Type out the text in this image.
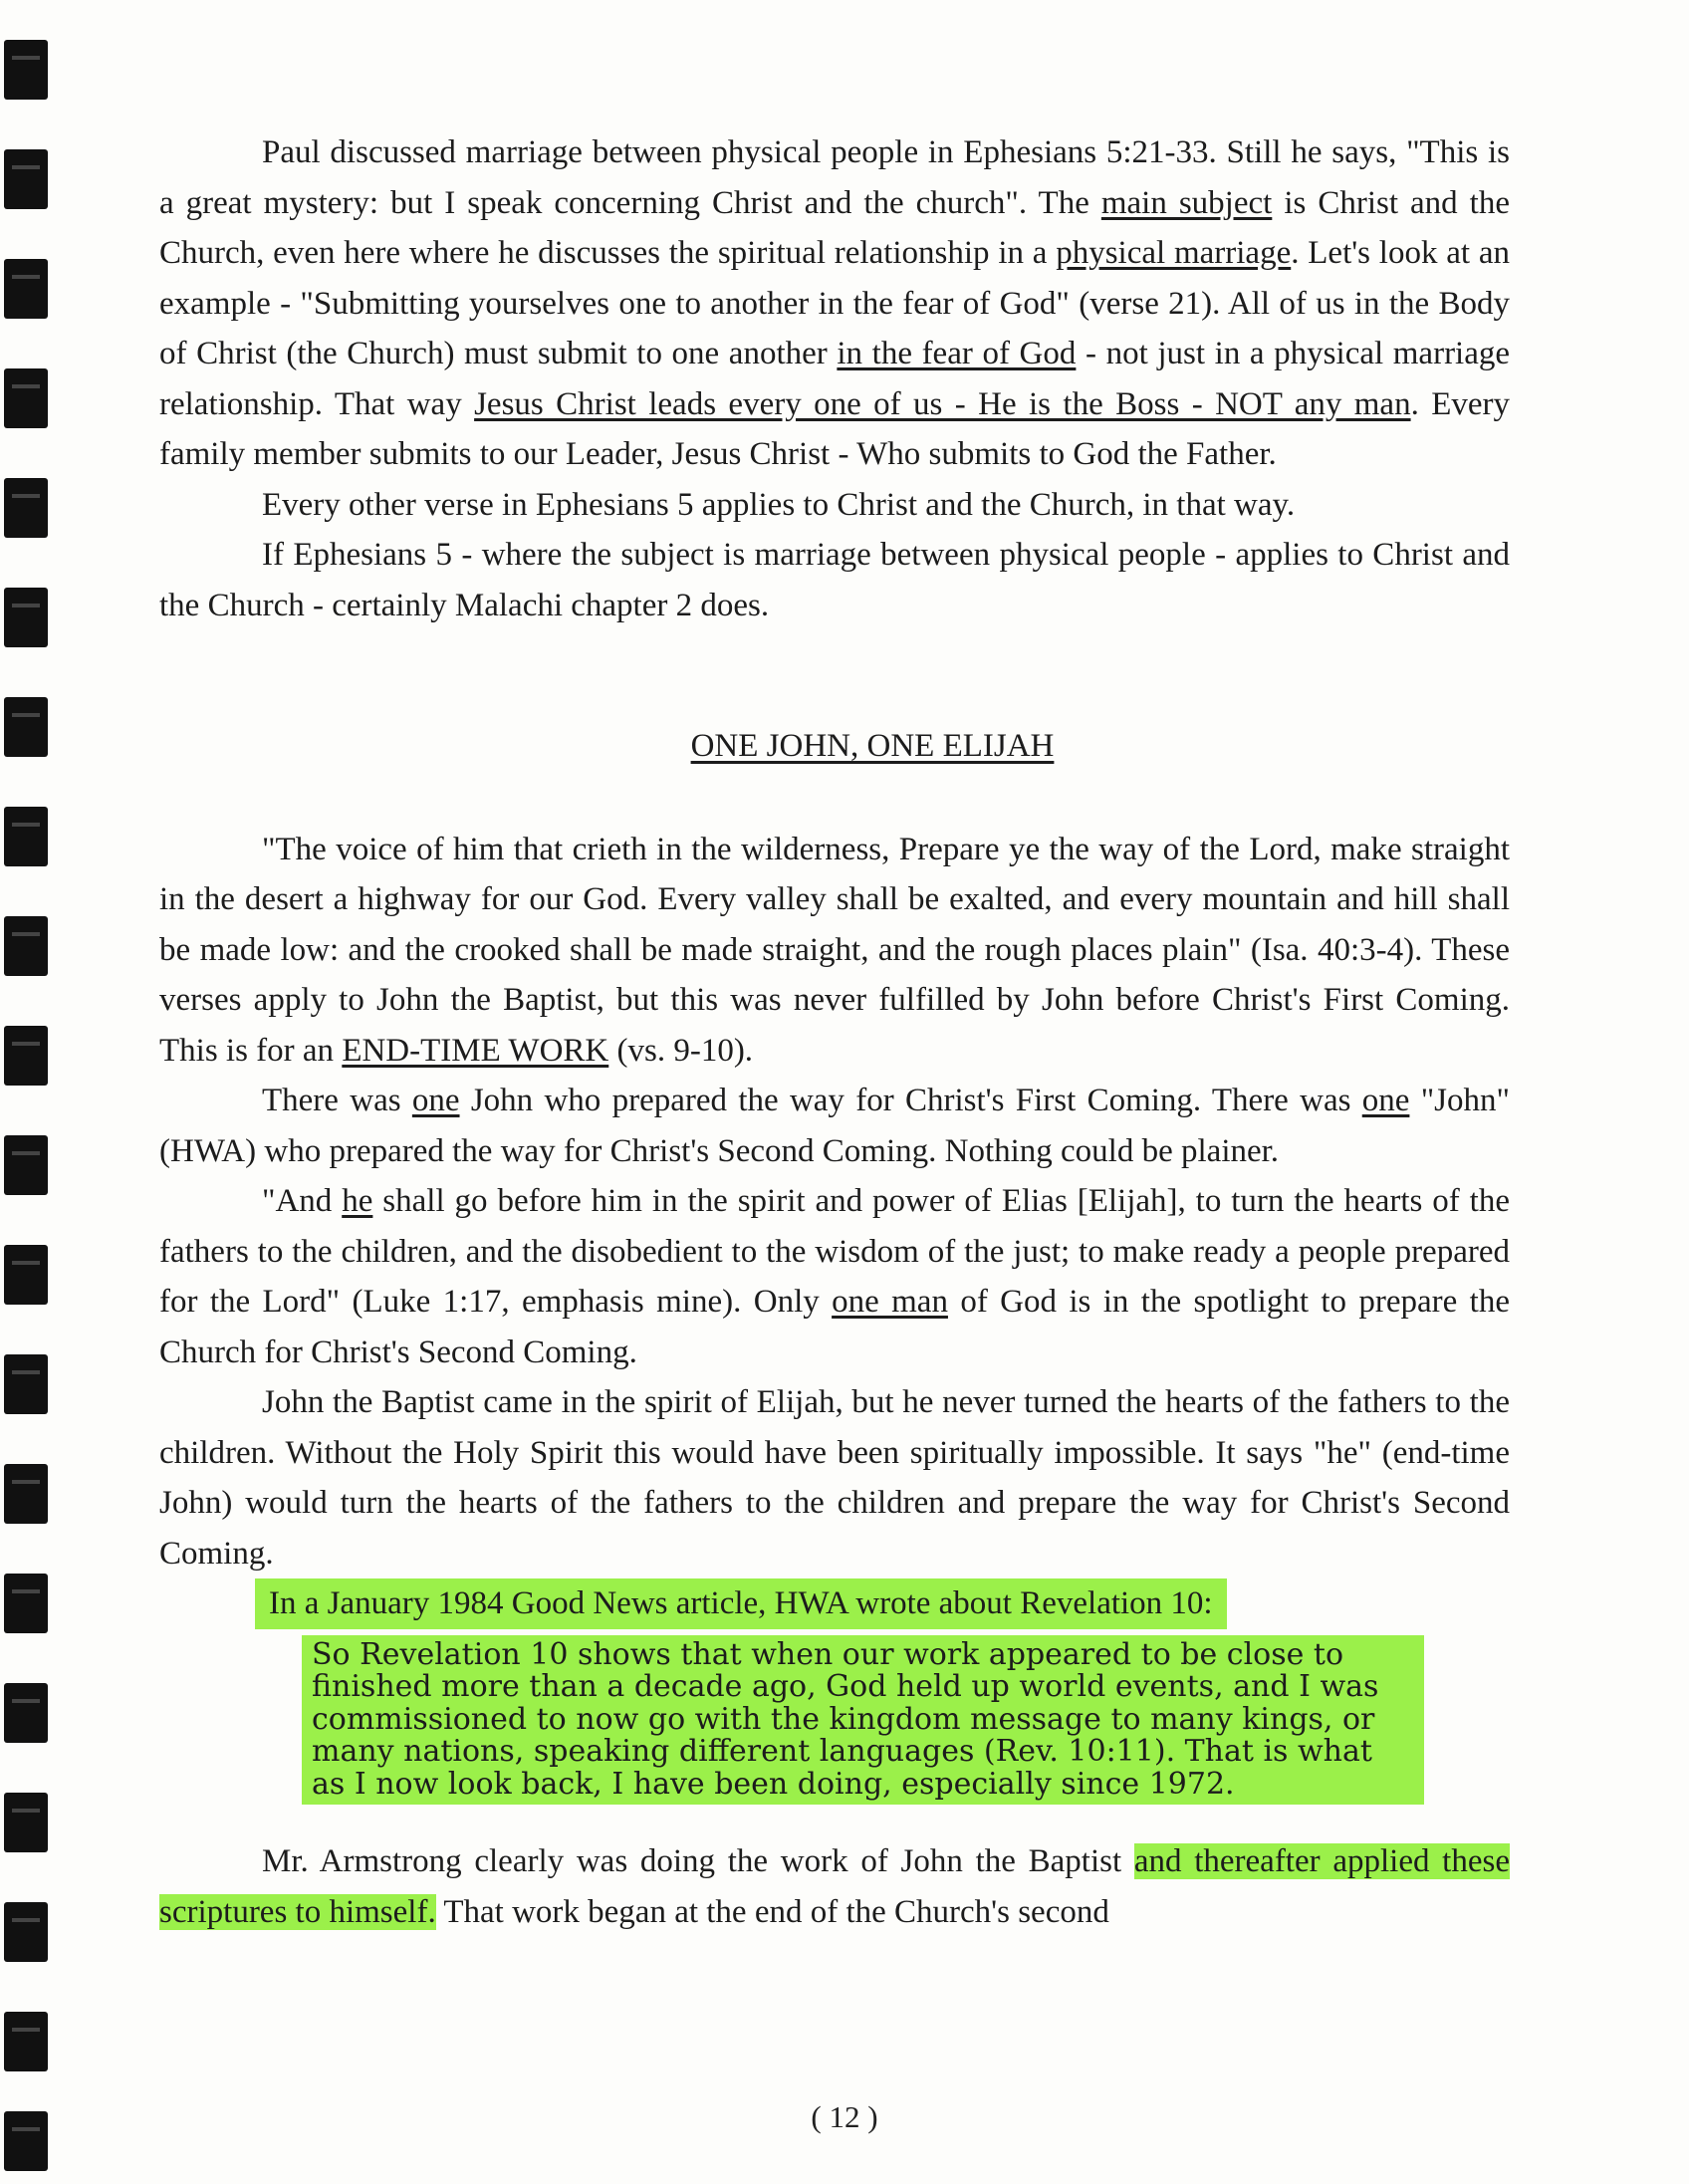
Paul discussed marriage between physical people in Ephesians 5:21-33. Still he says, "This is a great mystery: but I speak concerning Christ and the church". The main subject is Christ and the Church, even here where he discusses the spiritual relationship in a physical marriage. Let's look at an example - "Submitting yourselves one to another in the fear of God" (verse 21). All of us in the Body of Christ (the Church) must submit to one another in the fear of God - not just in a physical marriage relationship. That way Jesus Christ leads every one of us - He is the Boss - NOT any man. Every family member submits to our Leader, Jesus Christ - Who submits to God the Father.

Every other verse in Ephesians 5 applies to Christ and the Church, in that way.

If Ephesians 5 - where the subject is marriage between physical people - applies to Christ and the Church - certainly Malachi chapter 2 does.

ONE JOHN, ONE ELIJAH

"The voice of him that crieth in the wilderness, Prepare ye the way of the Lord, make straight in the desert a highway for our God. Every valley shall be exalted, and every mountain and hill shall be made low: and the crooked shall be made straight, and the rough places plain" (Isa. 40:3-4). These verses apply to John the Baptist, but this was never fulfilled by John before Christ's First Coming. This is for an END-TIME WORK (vs. 9-10).

There was one John who prepared the way for Christ's First Coming. There was one "John" (HWA) who prepared the way for Christ's Second Coming. Nothing could be plainer.

"And he shall go before him in the spirit and power of Elias [Elijah], to turn the hearts of the fathers to the children, and the disobedient to the wisdom of the just; to make ready a people prepared for the Lord" (Luke 1:17, emphasis mine). Only one man of God is in the spotlight to prepare the Church for Christ's Second Coming.

John the Baptist came in the spirit of Elijah, but he never turned the hearts of the fathers to the children. Without the Holy Spirit this would have been spiritually impossible. It says "he" (end-time John) would turn the hearts of the fathers to the children and prepare the way for Christ's Second Coming.

In a January 1984 Good News article, HWA wrote about Revelation 10:
So Revelation 10 shows that when our work appeared to be close to finished more than a decade ago, God held up world events, and I was commissioned to now go with the kingdom message to many kings, or many nations, speaking different languages (Rev. 10:11). That is what as I now look back, I have been doing, especially since 1972.

Mr. Armstrong clearly was doing the work of John the Baptist and thereafter applied these scriptures to himself. That work began at the end of the Church's second

( 12 )
